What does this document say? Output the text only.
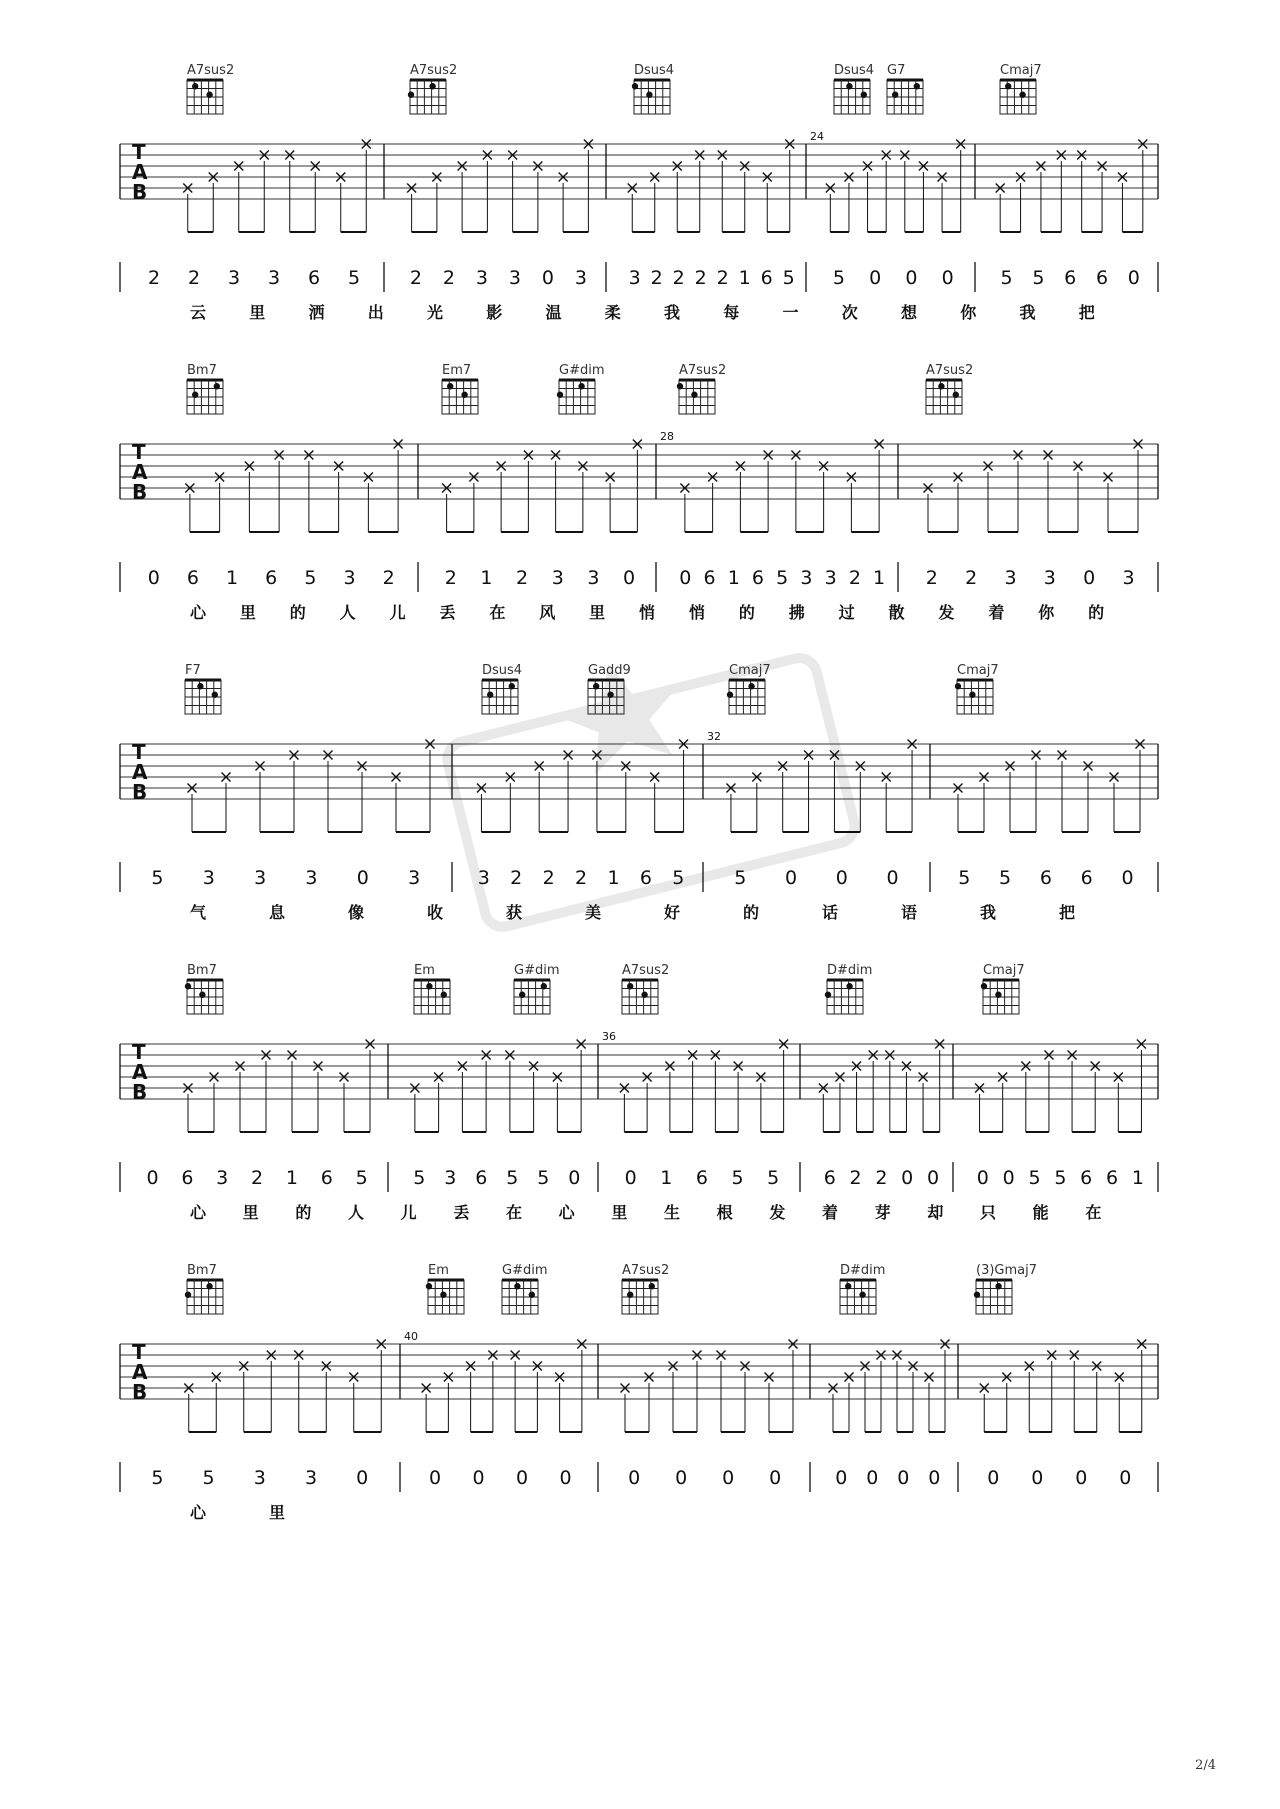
T
A
B
2 2 3 3 6 5	2 2 3 3 0 3 3 2 2 2 2 1 6 5
24
5 0 0 0 5 5 6 6 0
云	里	洒	出	光	影	温	柔	我	每	一	次	想	你	我	把
A7sus2	A7sus2	Dsus4	Dsus4 G7	Cmaj7
T
A
B
0 6 1 6 5 3 2	2 1 2 3 3 0
28
0 6 1 6 5 3 3 2 1 2 2 3 3 0 3
心 里 的 人 儿 丢 在 风 里 悄 悄 的 拂 过 散 发 着 你 的
Bm7	Em7	G#dim	A7sus2	A7sus2
T
A
B
5 3 3 3 0 3	3 2 2 2 1 6 5
32
5 0 0 0	5 5 6 6 0
气	息	像	收	获	美	好	的	话	语	我	把
F7	Dsus4	Gadd9	Cmaj7	Cmaj7
T
A
B
0 6 3 2 1 6 5 5 3 6 5 5 0
36
0 1 6 5 5 6 2 2 0 0 0 0 5 5 6 6 1
心 里 的 人 儿 丢 在 心 里 生 根 发 着 芽 却 只 能 在
Bm7	Em	G#dim	A7sus2	D#dim	Cmaj7
T
A
B
5 5 3 3 0
40
0 0 0 0	0 0 0 0	0 0 0 0 0 0 0 0
心	里
Bm7	Em	G#dim	A7sus2	D#dim	(3)Gmaj7
2/4
